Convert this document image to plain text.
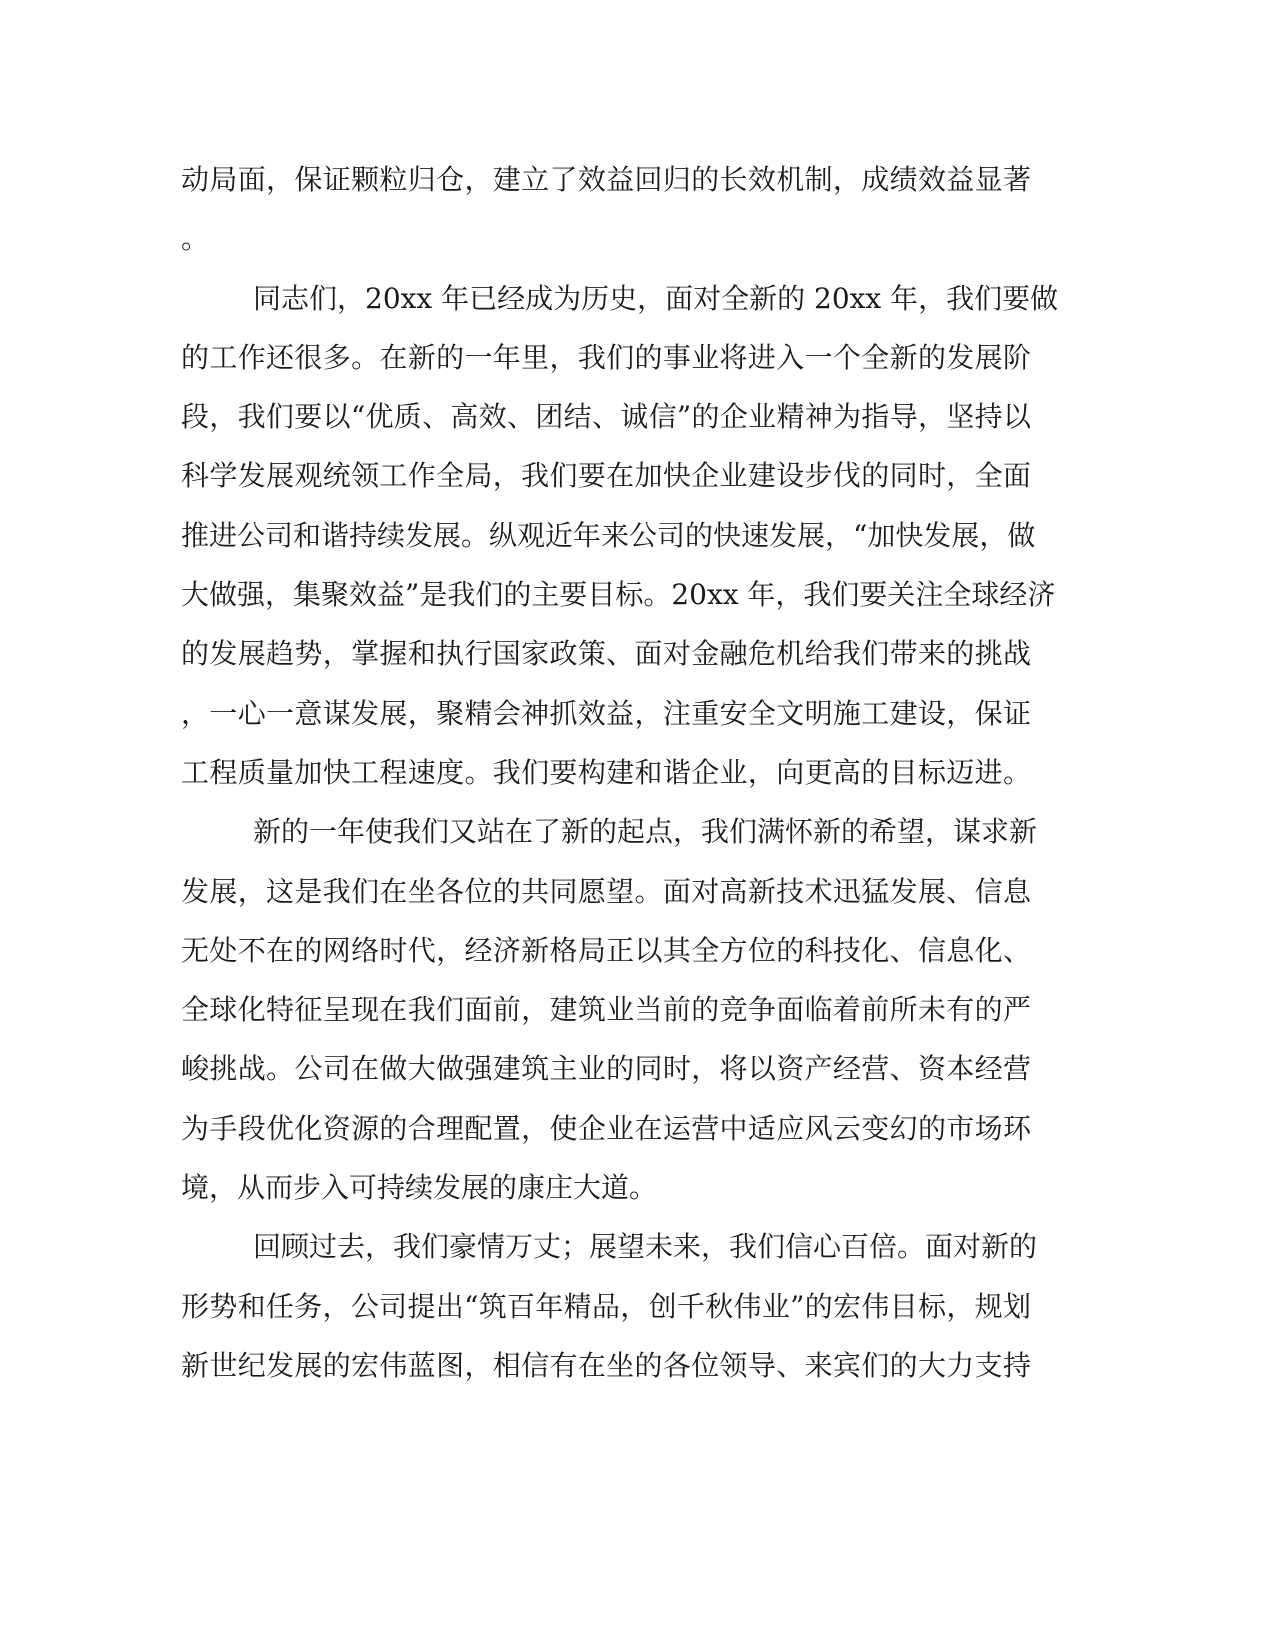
动局面，保证颗粒归仓，建立了效益回归的长效机制，成绩效益显著
。
同志们，20xx 年已经成为历史，面对全新的 20xx 年，我们要做
的工作还很多。在新的一年里，我们的事业将进入一个全新的发展阶
段，我们要以“优质、高效、团结、诚信”的企业精神为指导，坚持以
科学发展观统领工作全局，我们要在加快企业建设步伐的同时，全面
推进公司和谐持续发展。纵观近年来公司的快速发展，“加快发展，做
大做强，集聚效益”是我们的主要目标。20xx 年，我们要关注全球经济
的发展趋势，掌握和执行国家政策、面对金融危机给我们带来的挑战
，一心一意谋发展，聚精会神抓效益，注重安全文明施工建设，保证
工程质量加快工程速度。我们要构建和谐企业，向更高的目标迈进。
新的一年使我们又站在了新的起点，我们满怀新的希望，谋求新
发展，这是我们在坐各位的共同愿望。面对高新技术迅猛发展、信息
无处不在的网络时代，经济新格局正以其全方位的科技化、信息化、
全球化特征呈现在我们面前，建筑业当前的竞争面临着前所未有的严
峻挑战。公司在做大做强建筑主业的同时，将以资产经营、资本经营
为手段优化资源的合理配置，使企业在运营中适应风云变幻的市场环
境，从而步入可持续发展的康庄大道。
回顾过去，我们豪情万丈；展望未来，我们信心百倍。面对新的
形势和任务，公司提出“筑百年精品，创千秋伟业”的宏伟目标，规划
新世纪发展的宏伟蓝图，相信有在坐的各位领导、来宾们的大力支持
